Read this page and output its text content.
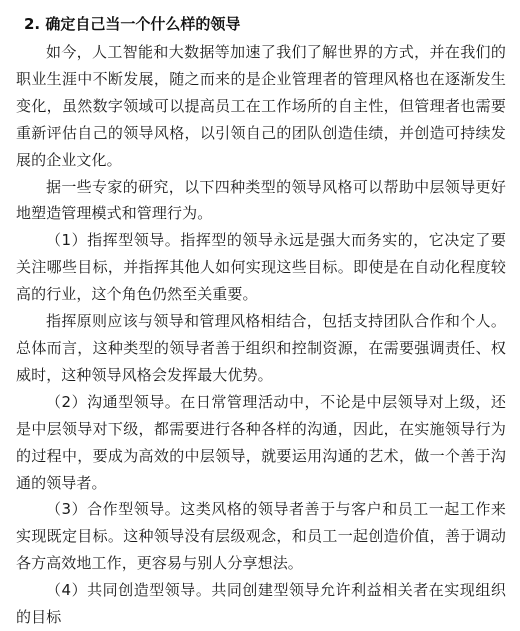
2. 确定自己当一个什么样的领导

如今，人工智能和大数据等加速了我们了解世界的方式，并在我们的职业生涯中不断发展，随之而来的是企业管理者的管理风格也在逐渐发生变化，虽然数字领域可以提高员工在工作场所的自主性，但管理者也需要重新评估自己的领导风格，以引领自己的团队创造佳绩，并创造可持续发展的企业文化。

据一些专家的研究，以下四种类型的领导风格可以帮助中层领导更好地塑造管理模式和管理行为。

（1）指挥型领导。指挥型的领导永远是强大而务实的，它决定了要关注哪些目标，并指挥其他人如何实现这些目标。即使是在自动化程度较高的行业，这个角色仍然至关重要。

指挥原则应该与领导和管理风格相结合，包括支持团队合作和个人。总体而言，这种类型的领导者善于组织和控制资源，在需要强调责任、权威时，这种领导风格会发挥最大优势。

（2）沟通型领导。在日常管理活动中，不论是中层领导对上级，还是中层领导对下级，都需要进行各种各样的沟通，因此，在实施领导行为的过程中，要成为高效的中层领导，就要运用沟通的艺术，做一个善于沟通的领导者。

（3）合作型领导。这类风格的领导者善于与客户和员工一起工作来实现既定目标。这种领导没有层级观念，和员工一起创造价值，善于调动各方高效地工作，更容易与别人分享想法。

（4）共同创造型领导。共同创建型领导允许利益相关者在实现组织的目标
